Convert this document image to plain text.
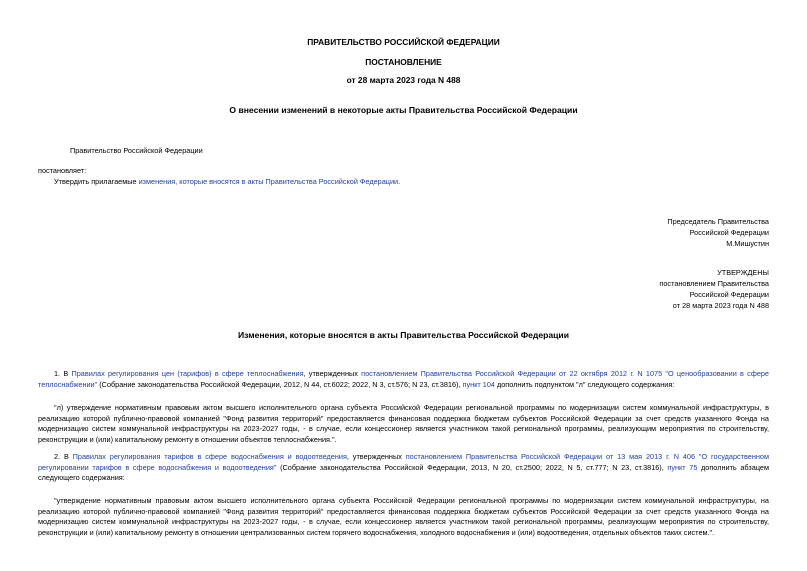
ПРАВИТЕЛЬСТВО РОССИЙСКОЙ ФЕДЕРАЦИИ
ПОСТАНОВЛЕНИЕ
от 28 марта 2023 года N 488
О внесении изменений в некоторые акты Правительства Российской Федерации
Правительство Российской Федерации
постановляет:
Утвердить прилагаемые изменения, которые вносятся в акты Правительства Российской Федерации.
Председатель Правительства
Российской Федерации
М.Мишустин
УТВЕРЖДЕНЫ
постановлением Правительства
Российской Федерации
от 28 марта 2023 года N 488
Изменения, которые вносятся в акты Правительства Российской Федерации
1. В Правилах регулирования цен (тарифов) в сфере теплоснабжения, утвержденных постановлением Правительства Российской Федерации от 22 октября 2012 г. N 1075 "О ценообразовании в сфере теплоснабжении" (Собрание законодательства Российской Федерации, 2012, N 44, ст.6022; 2022, N 3, ст.576; N 23, ст.3816), пункт 104 дополнить подпунктом "л" следующего содержания:
"л) утверждение нормативным правовым актом высшего исполнительного органа субъекта Российской Федерации региональной программы по модернизации систем коммунальной инфраструктуры, в реализацию которой публично-правовой компанией "Фонд развития территорий" предоставляется финансовая поддержка бюджетам субъектов Российской Федерации за счет средств указанного Фонда на модернизацию систем коммунальной инфраструктуры на 2023-2027 годы, - в случае, если концессионер является участником такой региональной программы, реализующим мероприятия по строительству, реконструкции и (или) капитальному ремонту в отношении объектов теплоснабжения.".
2. В Правилах регулирования тарифов в сфере водоснабжения и водоотведения, утвержденных постановлением Правительства Российской Федерации от 13 мая 2013 г. N 406 "О государственном регулировании тарифов в сфере водоснабжения и водоотведения" (Собрание законодательства Российской Федерации, 2013, N 20, ст.2500; 2022, N 5, ст.777; N 23, ст.3816), пункт 75 дополнить абзацем следующего содержания:
"утверждение нормативным правовым актом высшего исполнительного органа субъекта Российской Федерации региональной программы по модернизации систем коммунальной инфраструктуры, на реализацию которой публично-правовой компанией "Фонд развития территорий" предоставляется финансовая поддержка бюджетам субъектов Российской Федерации за счет средств указанного Фонда на модернизацию систем коммунальной инфраструктуры на 2023-2027 годы, - в случае, если концессионер является участником такой региональной программы, реализующим мероприятия по строительству, реконструкции и (или) капитальному ремонту в отношении централизованных систем горячего водоснабжения, холодного водоснабжения и (или) водоотведения, отдельных объектов таких систем.".
